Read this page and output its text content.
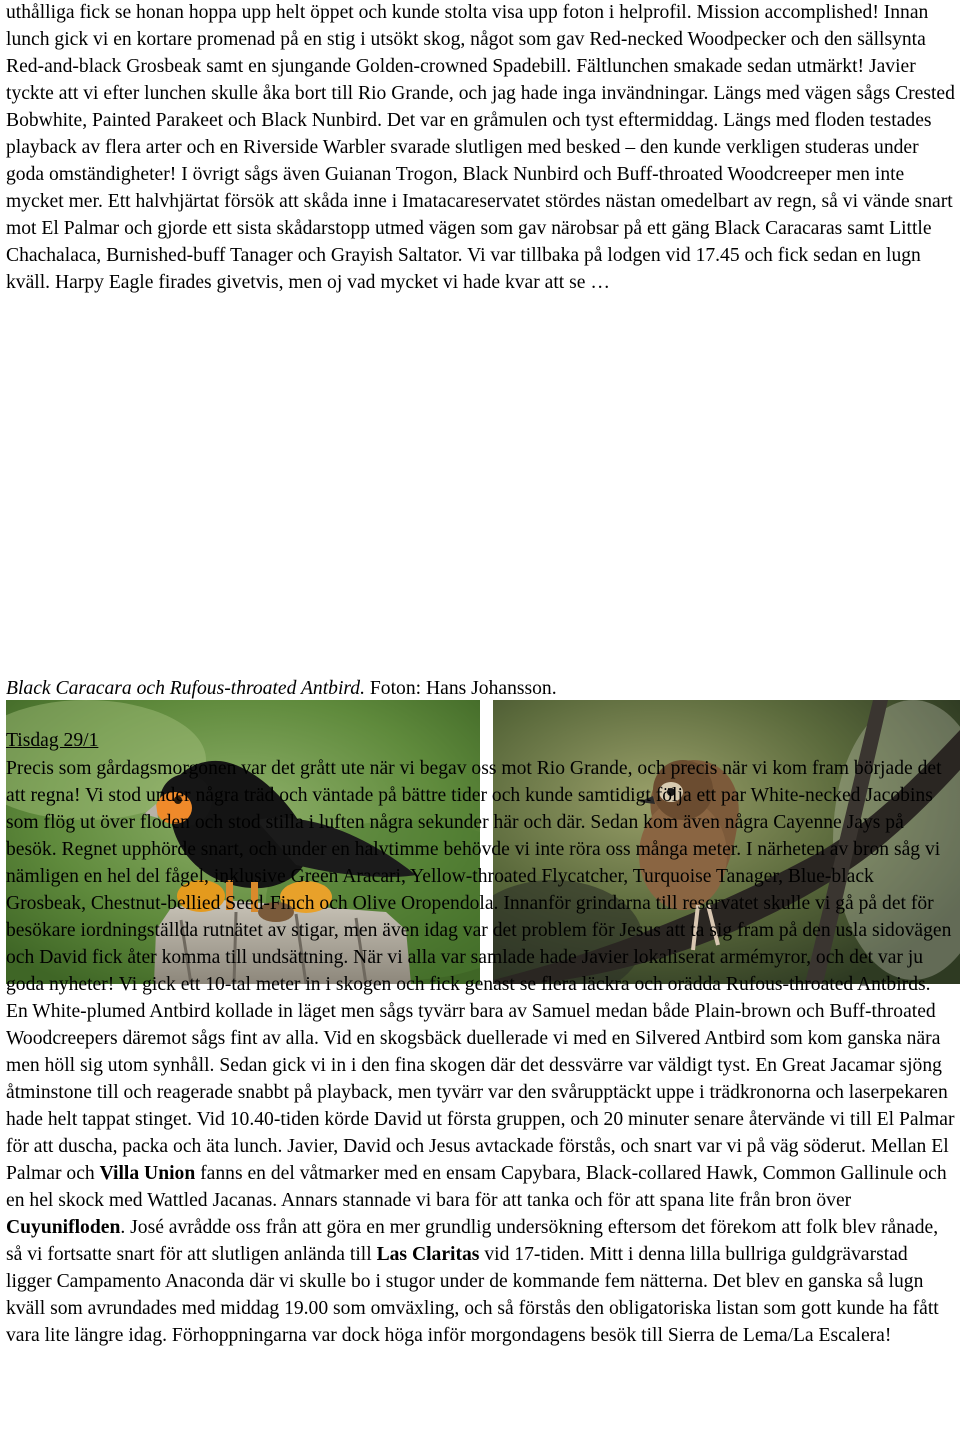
uthålliga fick se honan hoppa upp helt öppet och kunde stolta visa upp foton i helprofil. Mission accomplished! Innan lunch gick vi en kortare promenad på en stig i utsökt skog, något som gav Red-necked Woodpecker och den sällsynta Red-and-black Grosbeak samt en sjungande Golden-crowned Spadebill. Fältlunchen smakade sedan utmärkt! Javier tyckte att vi efter lunchen skulle åka bort till Rio Grande, och jag hade inga invändningar. Längs med vägen sågs Crested Bobwhite, Painted Parakeet och Black Nunbird. Det var en gråmulen och tyst eftermiddag. Längs med floden testades playback av flera arter och en Riverside Warbler svarade slutligen med besked – den kunde verkligen studeras under goda omständigheter! I övrigt sågs även Guianan Trogon, Black Nunbird och Buff-throated Woodcreeper men inte mycket mer. Ett halvhjärtat försök att skåda inne i Imatacareservatet stördes nästan omedelbart av regn, så vi vände snart mot El Palmar och gjorde ett sista skådarstopp utmed vägen som gav närobsar på ett gäng Black Caracaras samt Little Chachalaca, Burnished-buff Tanager och Grayish Saltator. Vi var tillbaka på lodgen vid 17.45 och fick sedan en lugn kväll. Harpy Eagle firades givetvis, men oj vad mycket vi hade kvar att se …

Black Caracara och Rufous-throated Antbird. Foton: Hans Johansson.
Tisdag 29/1

Precis som gårdagsmorgonen var det grått ute när vi begav oss mot Rio Grande, och precis när vi kom fram började det att regna! Vi stod under några träd och väntade på bättre tider och kunde samtidigt följa ett par White-necked Jacobins som flög ut över floden och stod stilla i luften några sekunder här och där. Sedan kom även några Cayenne Jays på besök. Regnet upphörde snart, och under en halvtimme behövde vi inte röra oss många meter. I närheten av bron såg vi nämligen en hel del fågel, inklusive Green Aracari, Yellow-throated Flycatcher, Turquoise Tanager, Blue-black Grosbeak, Chestnut-bellied Seed-Finch och Olive Oropendola. Innanför grindarna till reservatet skulle vi gå på det för besökare iordningställda rutnätet av stigar, men även idag var det problem för Jesus att ta sig fram på den usla sidovägen och David fick åter komma till undsättning. När vi alla var samlade hade Javier lokaliserat armémyror, och det var ju goda nyheter! Vi gick ett 10-tal meter in i skogen och fick genast se flera läckra och orädda Rufous-throated Antbirds. En White-plumed Antbird kollade in läget men sågs tyvärr bara av Samuel medan både Plain-brown och Buff-throated Woodcreepers däremot sågs fint av alla. Vid en skogsbäck duellerade vi med en Silvered Antbird som kom ganska nära men höll sig utom synhåll. Sedan gick vi in i den fina skogen där det dessvärre var väldigt tyst. En Great Jacamar sjöng åtminstone till och reagerade snabbt på playback, men tyvärr var den svårupptäckt uppe i trädkronorna och laserpekaren hade helt tappat stinget. Vid 10.40-tiden körde David ut första gruppen, och 20 minuter senare återvände vi till El Palmar för att duscha, packa och äta lunch. Javier, David och Jesus avtackade förstås, och snart var vi på väg söderut. Mellan El Palmar och Villa Union fanns en del våtmarker med en ensam Capybara, Black-collared Hawk, Common Gallinule och en hel skock med Wattled Jacanas. Annars stannade vi bara för att tanka och för att spana lite från bron över Cuyunifloden. José avrådde oss från att göra en mer grundlig undersökning eftersom det förekom att folk blev rånade, så vi fortsatte snart för att slutligen anlända till Las Claritas vid 17-tiden. Mitt i denna lilla bullriga guldgrävarstad ligger Campamento Anaconda där vi skulle bo i stugor under de kommande fem nätterna. Det blev en ganska så lugn kväll som avrundades med middag 19.00 som omväxling, och så förstås den obligatoriska listan som gott kunde ha fått vara lite längre idag. Förhoppningarna var dock höga inför morgondagens besök till Sierra de Lema/La Escalera!
